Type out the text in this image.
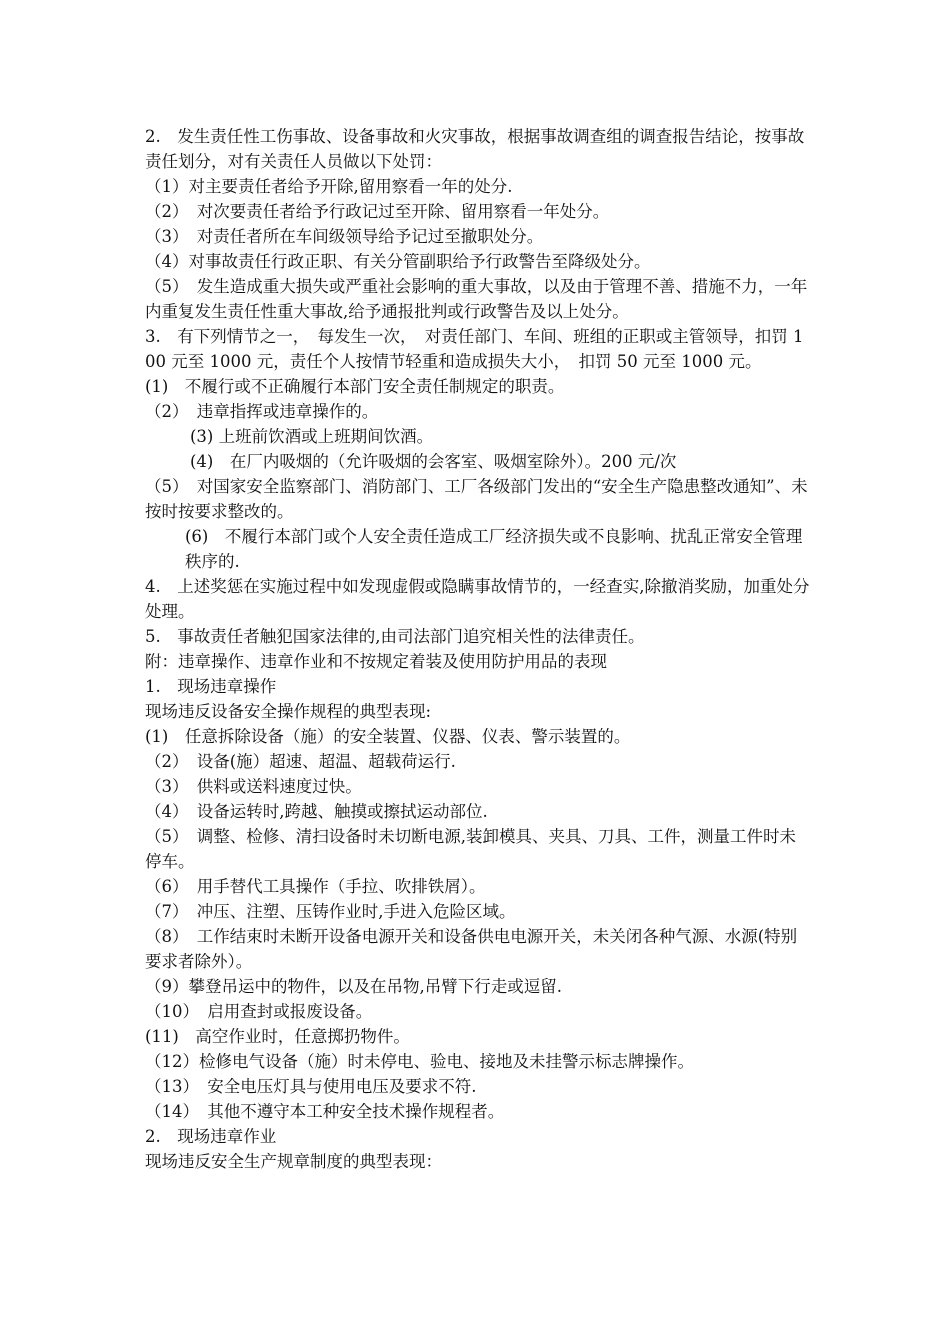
2.　发生责任性工伤事故、设备事故和火灾事故，根据事故调查组的调查报告结论，按事故责任划分，对有关责任人员做以下处罚：

（1）对主要责任者给予开除,留用察看一年的处分.

（2）　对次要责任者给予行政记过至开除、留用察看一年处分。

（3）　对责任者所在车间级领导给予记过至撤职处分。

（4）对事故责任行政正职、有关分管副职给予行政警告至降级处分。

（5）　发生造成重大损失或严重社会影响的重大事故，以及由于管理不善、措施不力，一年内重复发生责任性重大事故,给予通报批判或行政警告及以上处分。

3.　有下列情节之一，　每发生一次，　对责任部门、车间、班组的正职或主管领导，扣罚 100 元至 1000 元，责任个人按情节轻重和造成损失大小，　扣罚 50 元至 1000 元。

(1)　不履行或不正确履行本部门安全责任制规定的职责。

（2）　违章指挥或违章操作的。

(3) 上班前饮酒或上班期间饮酒。

(4)　在厂内吸烟的（允许吸烟的会客室、吸烟室除外）。200 元/次

（5）　对国家安全监察部门、消防部门、工厂各级部门发出的“安全生产隐患整改通知”、未按时按要求整改的。

(6)　不履行本部门或个人安全责任造成工厂经济损失或不良影响、扰乱正常安全管理秩序的.

4.　上述奖惩在实施过程中如发现虚假或隐瞒事故情节的，一经查实,除撤消奖励，加重处分处理。

5.　事故责任者触犯国家法律的,由司法部门追究相关性的法律责任。

附：违章操作、违章作业和不按规定着装及使用防护用品的表现

1.　现场违章操作

现场违反设备安全操作规程的典型表现:

(1)　任意拆除设备（施）的安全装置、仪器、仪表、警示装置的。

（2）　设备(施）超速、超温、超载荷运行.

（3）　供料或送料速度过快。

（4）　设备运转时,跨越、触摸或擦拭运动部位.

（5）　调整、检修、清扫设备时未切断电源,装卸模具、夹具、刀具、工件，测量工件时未停车。

（6）　用手替代工具操作（手拉、吹排铁屑）。

（7）　冲压、注塑、压铸作业时,手进入危险区域。

（8）　工作结束时未断开设备电源开关和设备供电电源开关，未关闭各种气源、水源(特别要求者除外）。

（9）攀登吊运中的物件，以及在吊物,吊臂下行走或逗留.

（10）　启用查封或报废设备。

(11)　高空作业时，任意掷扔物件。

（12）检修电气设备（施）时未停电、验电、接地及未挂警示标志牌操作。

（13）　安全电压灯具与使用电压及要求不符.

（14）　其他不遵守本工种安全技术操作规程者。

2.　现场违章作业

现场违反安全生产规章制度的典型表现：
